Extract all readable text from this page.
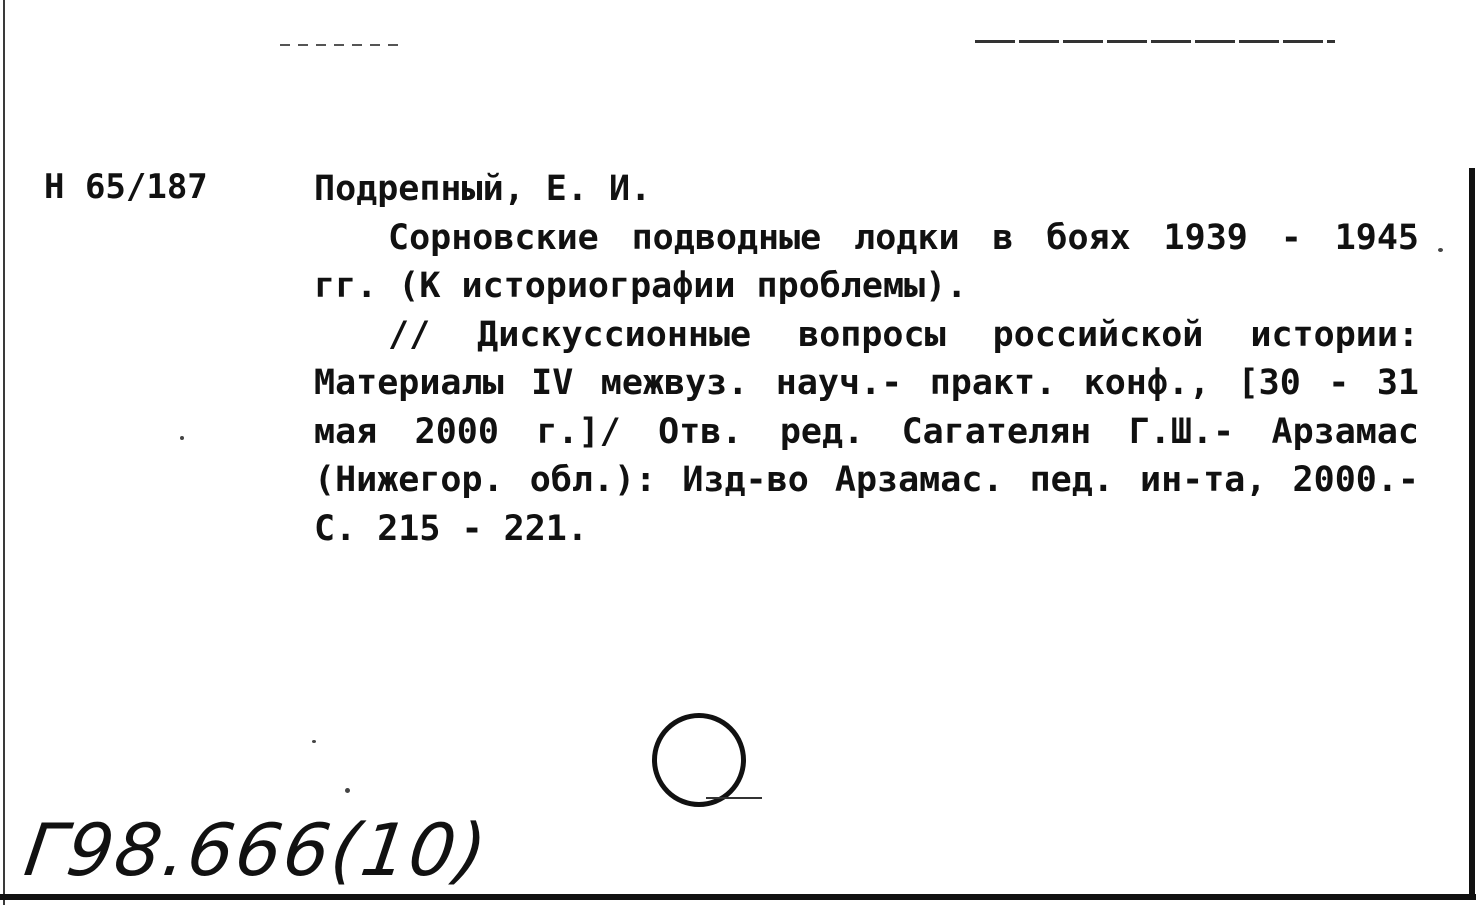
Н 65/187	Подрепный, Е. И.

Сорновские подводные лодки в боях 1939 - 1945 гг. (К историографии проблемы).

// Дискуссионные вопросы российской истории: Материалы IV межвуз. науч.- практ. конф., [30 - 31 мая 2000 г.]/ Отв. ред. Сагателян Г.Ш.- Арзамас (Нижегор. обл.): Изд-во Арзамас. пед. ин-та, 2000.-С. 215 - 221.

Г98.666(10)
